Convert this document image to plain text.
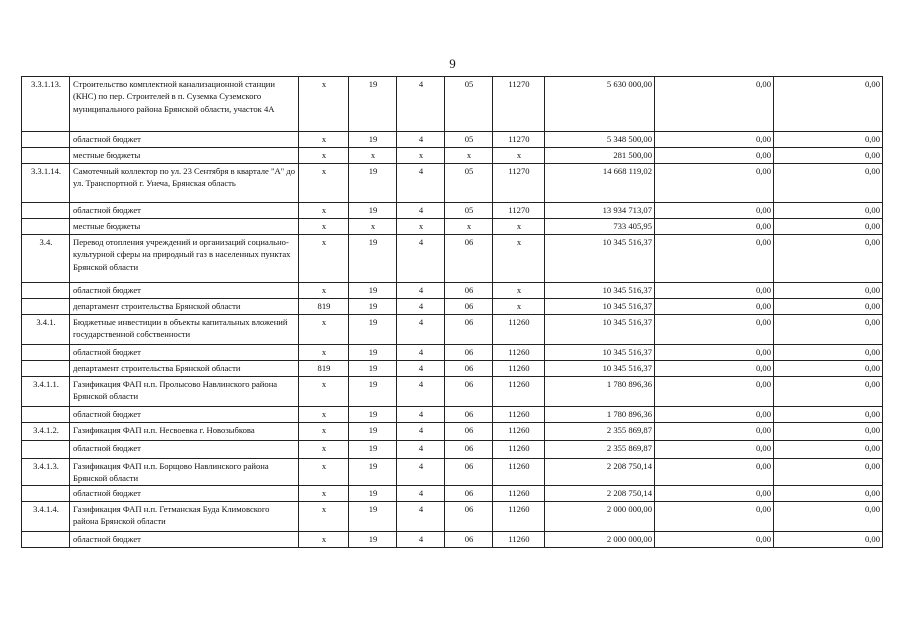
9
3.3.1.13.	Строительство комплектной канализационной станции (КНС) по пер. Строителей в п. Суземка Суземского муниципального района Брянской области, участок 4А	х	19	4	05	11270	5 630 000,00	0,00	0,00
	областной бюджет	х	19	4	05	11270	5 348 500,00	0,00	0,00
	местные бюджеты	х	х	х	х	х	281 500,00	0,00	0,00
3.3.1.14.	Самотечный коллектор по ул. 23 Сентября в квартале "А" до ул. Транспортной г. Унеча, Брянская область	х	19	4	05	11270	14 668 119,02	0,00	0,00
	областной бюджет	х	19	4	05	11270	13 934 713,07	0,00	0,00
	местные бюджеты	х	х	х	х	х	733 405,95	0,00	0,00
3.4.	Перевод отопления учреждений и организаций социально-культурной сферы на природный газ в населенных пунктах Брянской области	х	19	4	06	х	10 345 516,37	0,00	0,00
	областной бюджет	х	19	4	06	х	10 345 516,37	0,00	0,00
	департамент строительства Брянской области	819	19	4	06	х	10 345 516,37	0,00	0,00
3.4.1.	Бюджетные инвестиции в объекты капитальных вложений государственной собственности	х	19	4	06	11260	10 345 516,37	0,00	0,00
	областной бюджет	х	19	4	06	11260	10 345 516,37	0,00	0,00
	департамент строительства Брянской области	819	19	4	06	11260	10 345 516,37	0,00	0,00
3.4.1.1.	Газификация ФАП н.п. Пролысово Навлинского района Брянской области	х	19	4	06	11260	1 780 896,36	0,00	0,00
	областной бюджет	х	19	4	06	11260	1 780 896,36	0,00	0,00
3.4.1.2.	Газификация ФАП н.п. Несвоевка г. Новозыбкова	х	19	4	06	11260	2 355 869,87	0,00	0,00
	областной бюджет	х	19	4	06	11260	2 355 869,87	0,00	0,00
3.4.1.3.	Газификация ФАП н.п. Борщово Навлинского района Брянской области	х	19	4	06	11260	2 208 750,14	0,00	0,00
	областной бюджет	х	19	4	06	11260	2 208 750,14	0,00	0,00
3.4.1.4.	Газификация ФАП н.п. Гетманская Буда Климовского района Брянской области	х	19	4	06	11260	2 000 000,00	0,00	0,00
	областной бюджет	х	19	4	06	11260	2 000 000,00	0,00	0,00
